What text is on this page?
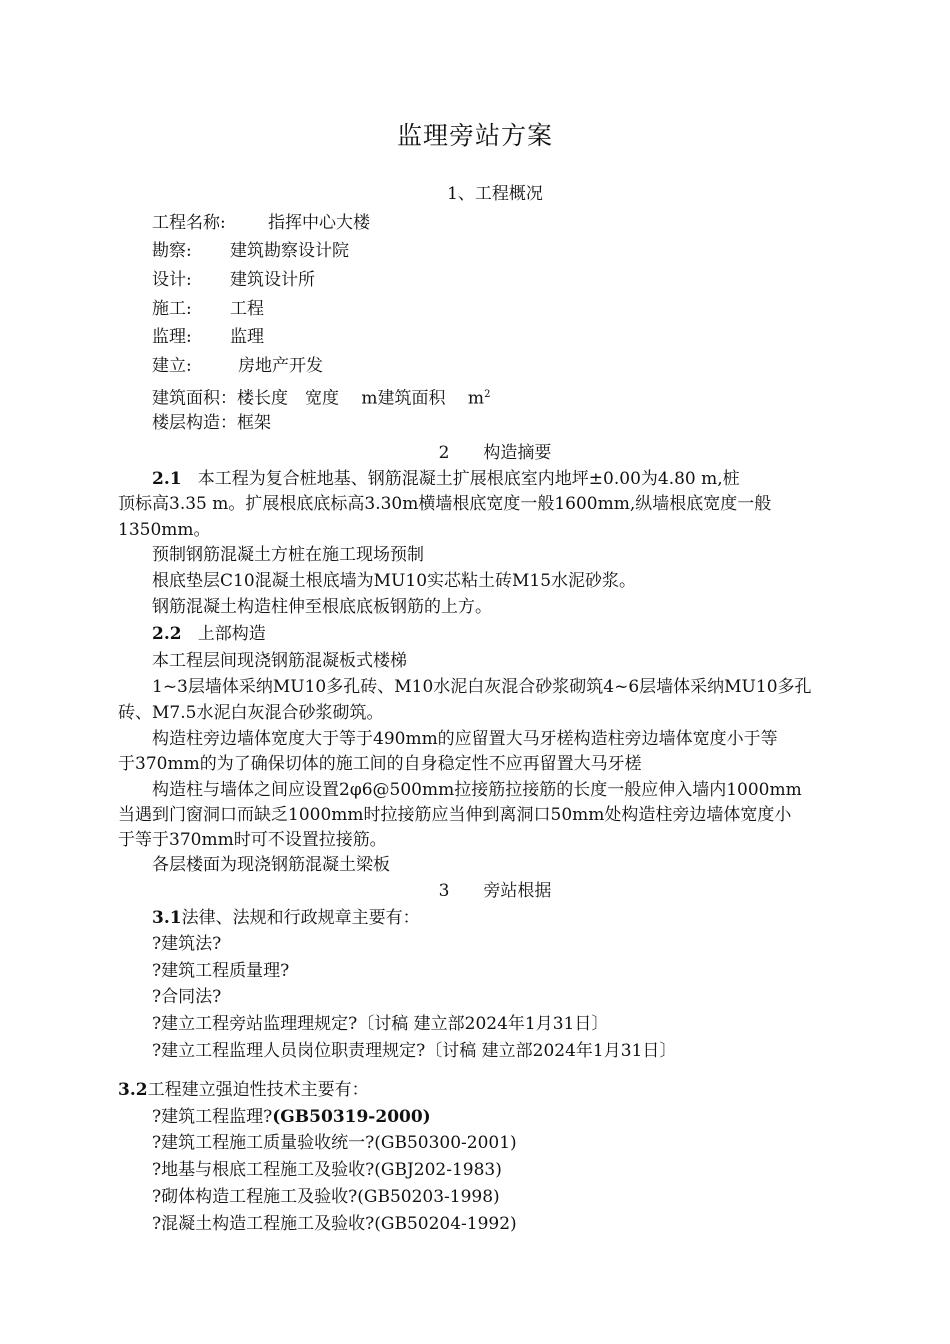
监理旁站方案
1、工程概况
工程名称: 指挥中心大楼
勘察: 建筑勘察设计院
设计: 建筑设计所
施工: 工程
监理: 监理
建立:	房地产开发
建筑面积：楼长度　宽度　 m建筑面积　 $m^2$
楼层构造：框架
2　　构造摘要
2.1 本工程为复合桩地基、钢筋混凝土扩展根底室内地坪±0.00为4.80 m,桩
顶标高3.35 m。扩展根底底标高3.30m横墙根底宽度一般1600mm,纵墙根底宽度一般
1350mm。
预制钢筋混凝土方桩在施工现场预制
根底垫层C10混凝土根底墙为MU10实芯粘土砖M15水泥砂浆。
钢筋混凝土构造柱伸至根底底板钢筋的上方。
2.2 上部构造
本工程层间现浇钢筋混凝板式楼梯
1~3层墙体采纳MU10多孔砖、M10水泥白灰混合砂浆砌筑4~6层墙体采纳MU10多孔
砖、M7.5水泥白灰混合砂浆砌筑。
构造柱旁边墙体宽度大于等于490mm的应留置大马牙槎构造柱旁边墙体宽度小于等
于370mm的为了确保切体的施工间的自身稳定性不应再留置大马牙槎
构造柱与墙体之间应设置2φ6@500mm拉接筋拉接筋的长度一般应伸入墙内1000mm
当遇到门窗洞口而缺乏1000mm时拉接筋应当伸到离洞口50mm处构造柱旁边墙体宽度小
于等于370mm时可不设置拉接筋。
各层楼面为现浇钢筋混凝土梁板
3　　旁站根据
3.1法律、法规和行政规章主要有：
?建筑法?
?建筑工程质量理?
?合同法?
?建立工程旁站监理理规定?〔讨稿 建立部2024年1月31日〕
?建立工程监理人员岗位职责理规定?〔讨稿 建立部2024年1月31日〕
3.2工程建立强迫性技术主要有：
?建筑工程监理?(GB50319-2000)
?建筑工程施工质量验收统一?(GB50300-2001)
?地基与根底工程施工及验收?(GBJ202-1983)
?砌体构造工程施工及验收?(GB50203-1998)
?混凝土构造工程施工及验收?(GB50204-1992)
